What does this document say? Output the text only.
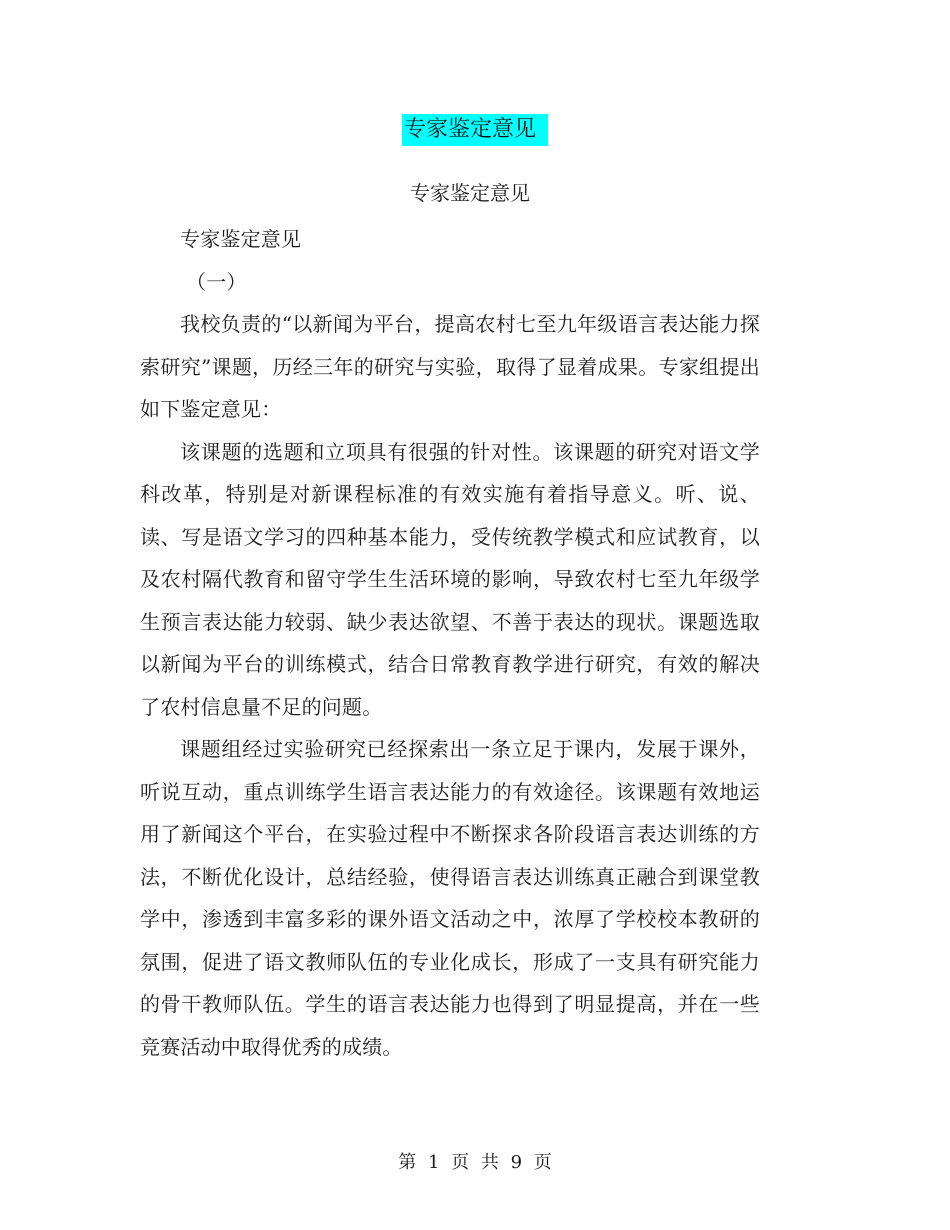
专家鉴定意见
专家鉴定意见

专家鉴定意见

（一）

我校负责的“以新闻为平台，提高农村七至九年级语言表达能力探索研究”课题，历经三年的研究与实验，取得了显着成果。专家组提出如下鉴定意见：

该课题的选题和立项具有很强的针对性。该课题的研究对语文学科改革，特别是对新课程标准的有效实施有着指导意义。听、说、读、写是语文学习的四种基本能力，受传统教学模式和应试教育，以及农村隔代教育和留守学生生活环境的影响，导致农村七至九年级学生预言表达能力较弱、缺少表达欲望、不善于表达的现状。课题选取以新闻为平台的训练模式，结合日常教育教学进行研究，有效的解决了农村信息量不足的问题。

课题组经过实验研究已经探索出一条立足于课内，发展于课外，听说互动，重点训练学生语言表达能力的有效途径。该课题有效地运用了新闻这个平台，在实验过程中不断探求各阶段语言表达训练的方法，不断优化设计，总结经验，使得语言表达训练真正融合到课堂教学中，渗透到丰富多彩的课外语文活动之中，浓厚了学校校本教研的氛围，促进了语文教师队伍的专业化成长，形成了一支具有研究能力的骨干教师队伍。学生的语言表达能力也得到了明显提高，并在一些竞赛活动中取得优秀的成绩。

第 1 页 共 9 页
